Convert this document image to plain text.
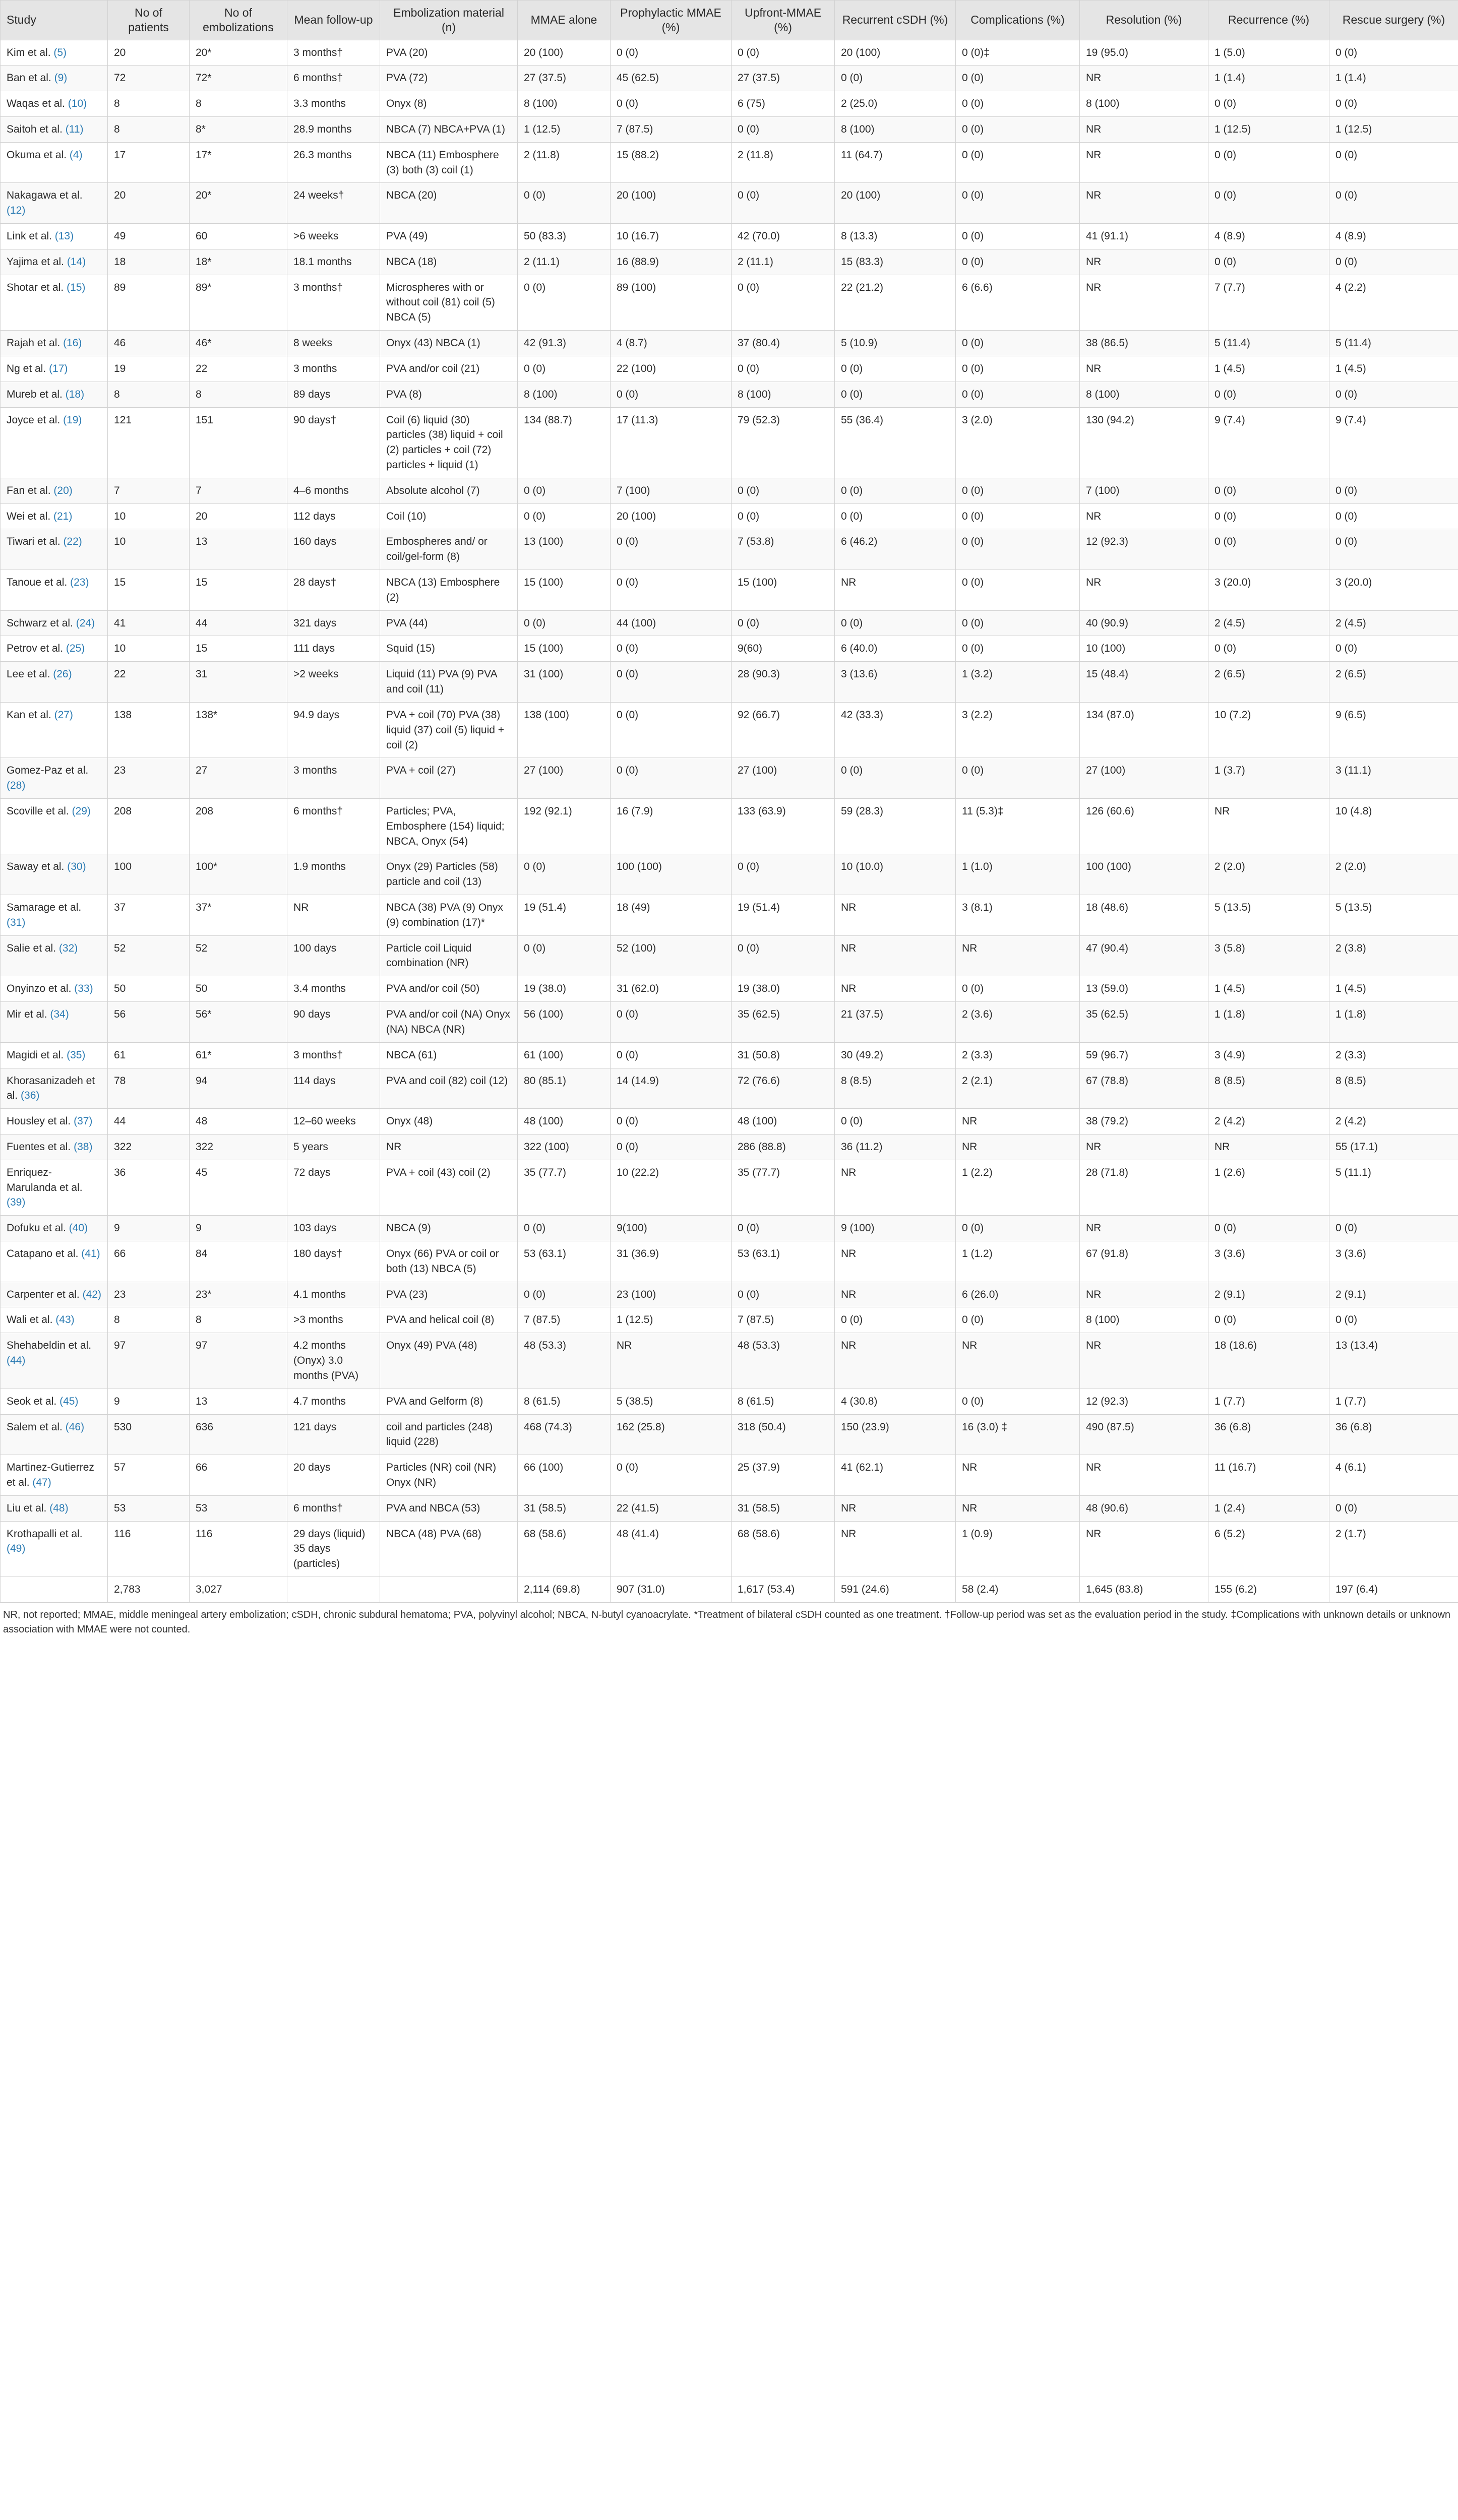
Study	No of patients	No of embolizations	Mean follow-up	Embolization material (n)	MMAE alone	Prophylactic MMAE (%)	Upfront-MMAE (%)	Recurrent cSDH (%)	Complications (%)	Resolution (%)	Recurrence (%)	Rescue surgery (%)
Kim et al. (5)	20	20*	3 months†	PVA (20)	20 (100)	0 (0)	0 (0)	20 (100)	0 (0)‡	19 (95.0)	1 (5.0)	0 (0)
Ban et al. (9)	72	72*	6 months†	PVA (72)	27 (37.5)	45 (62.5)	27 (37.5)	0 (0)	0 (0)	NR	1 (1.4)	1 (1.4)
Waqas et al. (10)	8	8	3.3 months	Onyx (8)	8 (100)	0 (0)	6 (75)	2 (25.0)	0 (0)	8 (100)	0 (0)	0 (0)
Saitoh et al. (11)	8	8*	28.9 months	NBCA (7) NBCA+PVA (1)	1 (12.5)	7 (87.5)	0 (0)	8 (100)	0 (0)	NR	1 (12.5)	1 (12.5)
Okuma et al. (4)	17	17*	26.3 months	NBCA (11) Embosphere (3) both (3) coil (1)	2 (11.8)	15 (88.2)	2 (11.8)	11 (64.7)	0 (0)	NR	0 (0)	0 (0)
Nakagawa et al. (12)	20	20*	24 weeks†	NBCA (20)	0 (0)	20 (100)	0 (0)	20 (100)	0 (0)	NR	0 (0)	0 (0)
Link et al. (13)	49	60	>6 weeks	PVA (49)	50 (83.3)	10 (16.7)	42 (70.0)	8 (13.3)	0 (0)	41 (91.1)	4 (8.9)	4 (8.9)
Yajima et al. (14)	18	18*	18.1 months	NBCA (18)	2 (11.1)	16 (88.9)	2 (11.1)	15 (83.3)	0 (0)	NR	0 (0)	0 (0)
Shotar et al. (15)	89	89*	3 months†	Microspheres with or without coil (81) coil (5) NBCA (5)	0 (0)	89 (100)	0 (0)	22 (21.2)	6 (6.6)	NR	7 (7.7)	4 (2.2)
Rajah et al. (16)	46	46*	8 weeks	Onyx (43) NBCA (1)	42 (91.3)	4 (8.7)	37 (80.4)	5 (10.9)	0 (0)	38 (86.5)	5 (11.4)	5 (11.4)
Ng et al. (17)	19	22	3 months	PVA and/or coil (21)	0 (0)	22 (100)	0 (0)	0 (0)	0 (0)	NR	1 (4.5)	1 (4.5)
Mureb et al. (18)	8	8	89 days	PVA (8)	8 (100)	0 (0)	8 (100)	0 (0)	0 (0)	8 (100)	0 (0)	0 (0)
Joyce et al. (19)	121	151	90 days†	Coil (6) liquid (30) particles (38) liquid + coil (2) particles + coil (72) particles + liquid (1)	134 (88.7)	17 (11.3)	79 (52.3)	55 (36.4)	3 (2.0)	130 (94.2)	9 (7.4)	9 (7.4)
Fan et al. (20)	7	7	4–6 months	Absolute alcohol (7)	0 (0)	7 (100)	0 (0)	0 (0)	0 (0)	7 (100)	0 (0)	0 (0)
Wei et al. (21)	10	20	112 days	Coil (10)	0 (0)	20 (100)	0 (0)	0 (0)	0 (0)	NR	0 (0)	0 (0)
Tiwari et al. (22)	10	13	160 days	Embospheres and/ or coil/gel-form (8)	13 (100)	0 (0)	7 (53.8)	6 (46.2)	0 (0)	12 (92.3)	0 (0)	0 (0)
Tanoue et al. (23)	15	15	28 days†	NBCA (13) Embosphere (2)	15 (100)	0 (0)	15 (100)	NR	0 (0)	NR	3 (20.0)	3 (20.0)
Schwarz et al. (24)	41	44	321 days	PVA (44)	0 (0)	44 (100)	0 (0)	0 (0)	0 (0)	40 (90.9)	2 (4.5)	2 (4.5)
Petrov et al. (25)	10	15	111 days	Squid (15)	15 (100)	0 (0)	9(60)	6 (40.0)	0 (0)	10 (100)	0 (0)	0 (0)
Lee et al. (26)	22	31	>2 weeks	Liquid (11) PVA (9) PVA and coil (11)	31 (100)	0 (0)	28 (90.3)	3 (13.6)	1 (3.2)	15 (48.4)	2 (6.5)	2 (6.5)
Kan et al. (27)	138	138*	94.9 days	PVA + coil (70) PVA (38) liquid (37) coil (5) liquid + coil (2)	138 (100)	0 (0)	92 (66.7)	42 (33.3)	3 (2.2)	134 (87.0)	10 (7.2)	9 (6.5)
Gomez-Paz et al. (28)	23	27	3 months	PVA + coil (27)	27 (100)	0 (0)	27 (100)	0 (0)	0 (0)	27 (100)	1 (3.7)	3 (11.1)
Scoville et al. (29)	208	208	6 months†	Particles; PVA, Embosphere (154) liquid; NBCA, Onyx (54)	192 (92.1)	16 (7.9)	133 (63.9)	59 (28.3)	11 (5.3)‡	126 (60.6)	NR	10 (4.8)
Saway et al. (30)	100	100*	1.9 months	Onyx (29) Particles (58) particle and coil (13)	0 (0)	100 (100)	0 (0)	10 (10.0)	1 (1.0)	100 (100)	2 (2.0)	2 (2.0)
Samarage et al. (31)	37	37*	NR	NBCA (38) PVA (9) Onyx (9) combination (17)*	19 (51.4)	18 (49)	19 (51.4)	NR	3 (8.1)	18 (48.6)	5 (13.5)	5 (13.5)
Salie et al. (32)	52	52	100 days	Particle coil Liquid combination (NR)	0 (0)	52 (100)	0 (0)	NR	NR	47 (90.4)	3 (5.8)	2 (3.8)
Onyinzo et al. (33)	50	50	3.4 months	PVA and/or coil (50)	19 (38.0)	31 (62.0)	19 (38.0)	NR	0 (0)	13 (59.0)	1 (4.5)	1 (4.5)
Mir et al. (34)	56	56*	90 days	PVA and/or coil (NA) Onyx (NA) NBCA (NR)	56 (100)	0 (0)	35 (62.5)	21 (37.5)	2 (3.6)	35 (62.5)	1 (1.8)	1 (1.8)
Magidi et al. (35)	61	61*	3 months†	NBCA (61)	61 (100)	0 (0)	31 (50.8)	30 (49.2)	2 (3.3)	59 (96.7)	3 (4.9)	2 (3.3)
Khorasanizadeh et al. (36)	78	94	114 days	PVA and coil (82) coil (12)	80 (85.1)	14 (14.9)	72 (76.6)	8 (8.5)	2 (2.1)	67 (78.8)	8 (8.5)	8 (8.5)
Housley et al. (37)	44	48	12–60 weeks	Onyx (48)	48 (100)	0 (0)	48 (100)	0 (0)	NR	38 (79.2)	2 (4.2)	2 (4.2)
Fuentes et al. (38)	322	322	5 years	NR	322 (100)	0 (0)	286 (88.8)	36 (11.2)	NR	NR	NR	55 (17.1)
Enriquez-Marulanda et al. (39)	36	45	72 days	PVA + coil (43) coil (2)	35 (77.7)	10 (22.2)	35 (77.7)	NR	1 (2.2)	28 (71.8)	1 (2.6)	5 (11.1)
Dofuku et al. (40)	9	9	103 days	NBCA (9)	0 (0)	9(100)	0 (0)	9 (100)	0 (0)	NR	0 (0)	0 (0)
Catapano et al. (41)	66	84	180 days†	Onyx (66) PVA or coil or both (13) NBCA (5)	53 (63.1)	31 (36.9)	53 (63.1)	NR	1 (1.2)	67 (91.8)	3 (3.6)	3 (3.6)
Carpenter et al. (42)	23	23*	4.1 months	PVA (23)	0 (0)	23 (100)	0 (0)	NR	6 (26.0)	NR	2 (9.1)	2 (9.1)
Wali et al. (43)	8	8	>3 months	PVA and helical coil (8)	7 (87.5)	1 (12.5)	7 (87.5)	0 (0)	0 (0)	8 (100)	0 (0)	0 (0)
Shehabeldin et al. (44)	97	97	4.2 months (Onyx) 3.0 months (PVA)	Onyx (49) PVA (48)	48 (53.3)	NR	48 (53.3)	NR	NR	NR	18 (18.6)	13 (13.4)
Seok et al. (45)	9	13	4.7 months	PVA and Gelform (8)	8 (61.5)	5 (38.5)	8 (61.5)	4 (30.8)	0 (0)	12 (92.3)	1 (7.7)	1 (7.7)
Salem et al. (46)	530	636	121 days	coil and particles (248) liquid (228)	468 (74.3)	162 (25.8)	318 (50.4)	150 (23.9)	16 (3.0) ‡	490 (87.5)	36 (6.8)	36 (6.8)
Martinez-Gutierrez et al. (47)	57	66	20 days	Particles (NR) coil (NR) Onyx (NR)	66 (100)	0 (0)	25 (37.9)	41 (62.1)	NR	NR	11 (16.7)	4 (6.1)
Liu et al. (48)	53	53	6 months†	PVA and NBCA (53)	31 (58.5)	22 (41.5)	31 (58.5)	NR	NR	48 (90.6)	1 (2.4)	0 (0)
Krothapalli et al. (49)	116	116	29 days (liquid) 35 days (particles)	NBCA (48) PVA (68)	68 (58.6)	48 (41.4)	68 (58.6)	NR	1 (0.9)	NR	6 (5.2)	2 (1.7)
	2,783	3,027			2,114 (69.8)	907 (31.0)	1,617 (53.4)	591 (24.6)	58 (2.4)	1,645 (83.8)	155 (6.2)	197 (6.4)
NR, not reported; MMAE, middle meningeal artery embolization; cSDH, chronic subdural hematoma; PVA, polyvinyl alcohol; NBCA, N-butyl cyanoacrylate. *Treatment of bilateral cSDH counted as one treatment. †Follow-up period was set as the evaluation period in the study. ‡Complications with unknown details or unknown association with MMAE were not counted.
